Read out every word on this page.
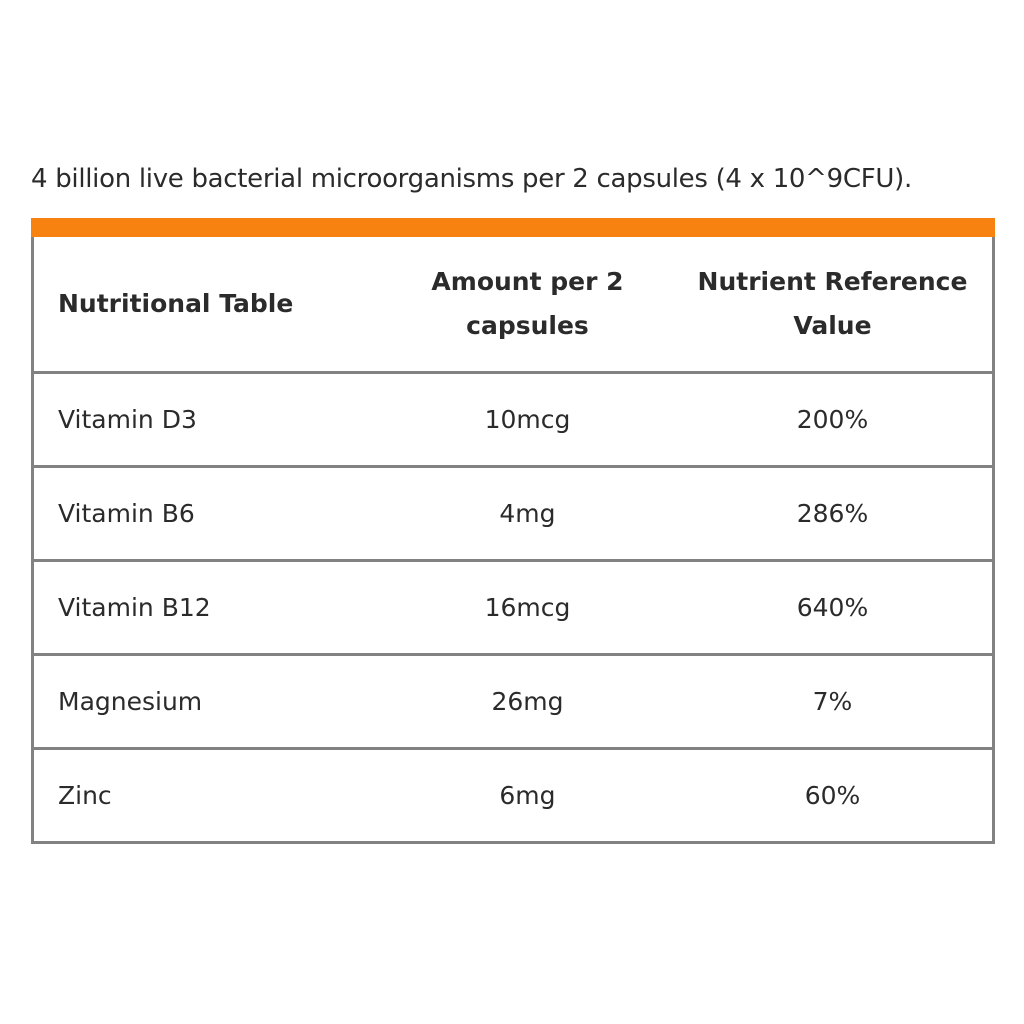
4 billion live bacterial microorganisms per 2 capsules (4 x 10^9CFU).
Nutritional Table	Amount per 2 capsules	Nutrient Reference Value
Vitamin D3	10mcg	200%
Vitamin B6	4mg	286%
Vitamin B12	16mcg	640%
Magnesium	26mg	7%
Zinc	6mg	60%
